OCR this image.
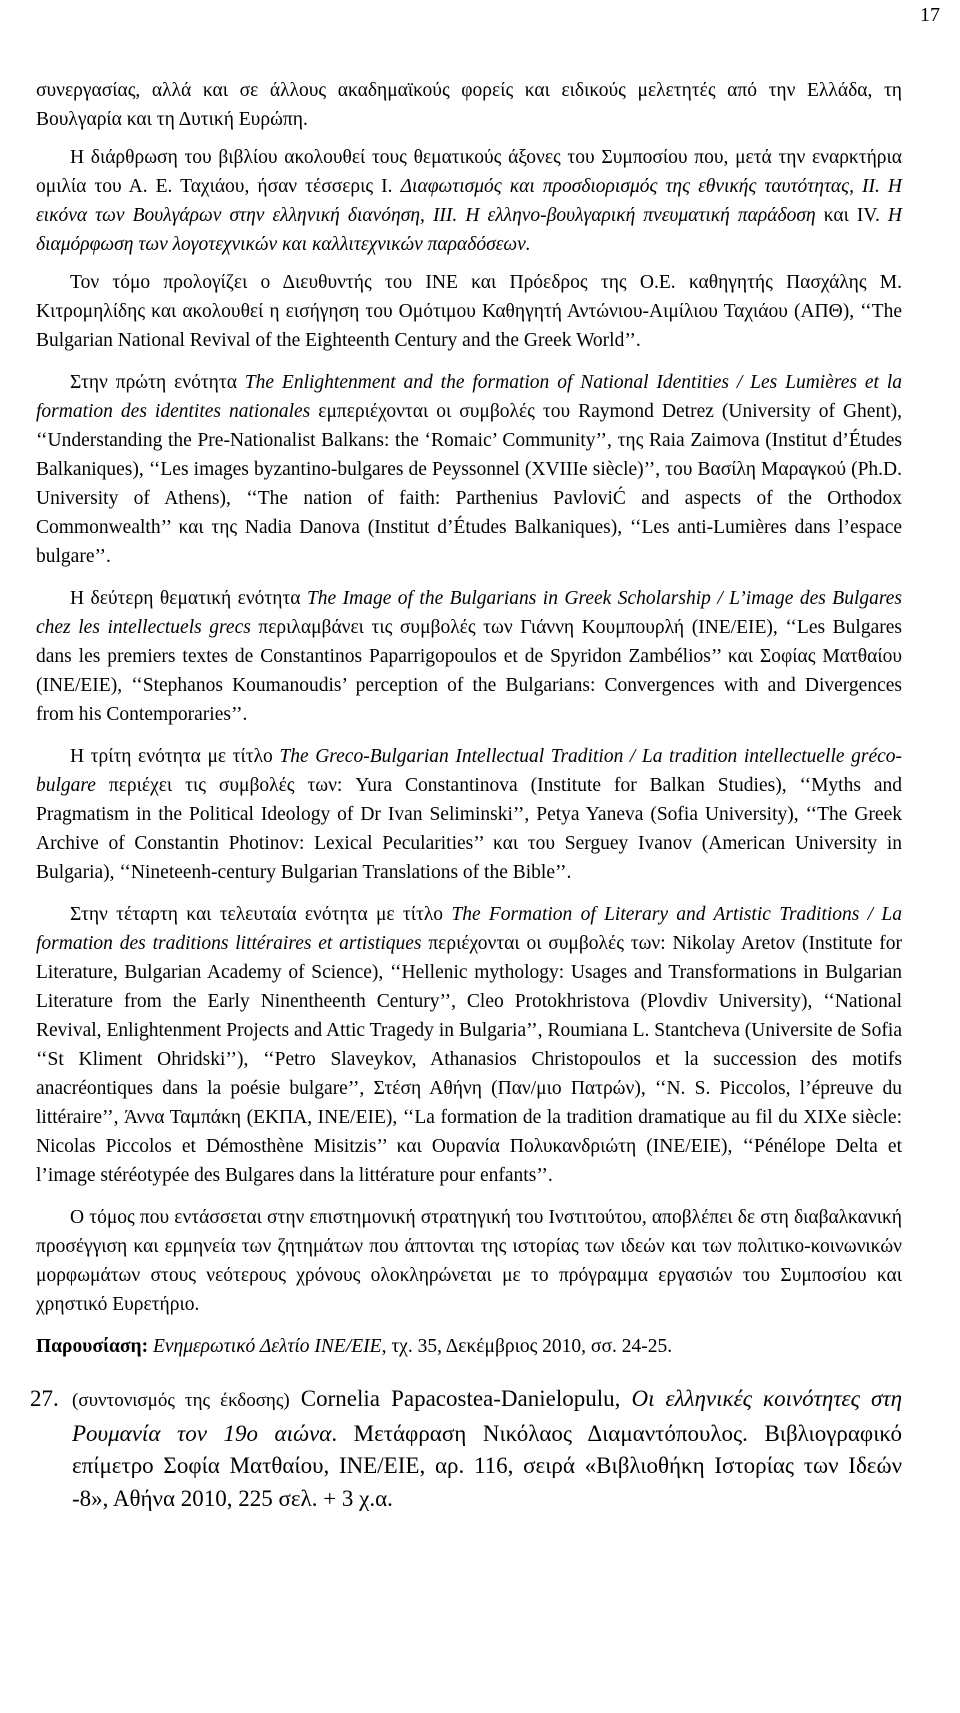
17

συνεργασίας, αλλά και σε άλλους ακαδημαϊκούς φορείς και ειδικούς μελετητές από την Ελλάδα, τη Βουλγαρία και τη Δυτική Ευρώπη.

Η διάρθρωση του βιβλίου ακολουθεί τους θεματικούς άξονες του Συμποσίου που, μετά την εναρκτήρια ομιλία του Α. Ε. Ταχιάου, ήσαν τέσσερις Ι. Διαφωτισμός και προσδιορισμός της εθνικής ταυτότητας, ΙΙ. Η εικόνα των Βουλγάρων στην ελληνική διανόηση, ΙΙΙ. Η ελληνο-βουλγαρική πνευματική παράδοση και IV. Η διαμόρφωση των λογοτεχνικών και καλλιτεχνικών παραδόσεων.

Τον τόμο προλογίζει ο Διευθυντής του ΙΝΕ και Πρόεδρος της Ο.Ε. καθηγητής Πασχάλης Μ. Κιτρομηλίδης και ακολουθεί η εισήγηση του Ομότιμου Καθηγητή Αντώνιου-Αιμίλιου Ταχιάου (ΑΠΘ), ‘‘The Bulgarian National Revival of the Eighteenth Century and the Greek World’’.

Στην πρώτη ενότητα The Enlightenment and the formation of National Identities / Les Lumières et la formation des identites nationales εμπεριέχονται οι συμβολές του Raymond Detrez (University of Ghent), ‘‘Understanding the Pre-Nationalist Balkans: the ‘Romaic’ Community’’, της Raia Zaimova (Institut d’Études Balkaniques), ‘‘Les images byzantino-bulgares de Peyssonnel (XVIIIe siècle)’’, του Βασίλη Μαραγκού (Ph.D. University of Athens), ‘‘The nation of faith: Parthenius PavloviĆ and aspects of the Orthodox Commonwealth’’ και της Nadia Danova (Institut d’Études Balkaniques), ‘‘Les anti-Lumières dans l’espace bulgare’’.

Η δεύτερη θεματική ενότητα The Image of the Bulgarians in Greek Scholarship / L’image des Bulgares chez les intellectuels grecs περιλαμβάνει τις συμβολές των Γιάννη Κουμπουρλή (ΙΝΕ/ΕΙΕ), ‘‘Les Bulgares dans les premiers textes de Constantinos Paparrigopoulos et de Spyridon Zambélios’’ και Σοφίας Ματθαίου (ΙΝΕ/ΕΙΕ), ‘‘Stephanos Koumanoudis’ perception of the Bulgarians: Convergences with and Divergences from his Contemporaries’’.

Η τρίτη ενότητα με τίτλο The Greco-Bulgarian Intellectual Tradition / La tradition intellectuelle gréco-bulgare περιέχει τις συμβολές των: Yura Constantinova (Institute for Balkan Studies), ‘‘Myths and Pragmatism in the Political Ideology of Dr Ivan Seliminski’’, Petya Yaneva (Sofia University), ‘‘The Greek Archive of Constantin Photinov: Lexical Pecularities’’ και του Serguey Ivanov (American University in Bulgaria), ‘‘Nineteenh-century Bulgarian Translations of the Bible’’.

Στην τέταρτη και τελευταία ενότητα με τίτλο The Formation of Literary and Artistic Traditions / La formation des traditions littéraires et artistiques περιέχονται οι συμβολές των: Nikolay Aretov (Institute for Literature, Bulgarian Academy of Science), ‘‘Hellenic mythology: Usages and Transformations in Bulgarian Literature from the Early Ninentheenth Century’’, Cleo Protokhristova (Plovdiv University), ‘‘National Revival, Enlightenment Projects and Attic Tragedy in Bulgaria’’, Roumiana L. Stantcheva (Universite de Sofia ‘‘St Kliment Ohridski’’), ‘‘Petro Slaveykov, Athanasios Christopoulos et la succession des motifs anacréontiques dans la poésie bulgare’’, Στέση Αθήνη (Παν/μιο Πατρών), ‘‘N. S. Piccolos, l’épreuve du littéraire’’, Άννα Ταμπάκη (ΕΚΠΑ, ΙΝΕ/ΕΙΕ), ‘‘La formation de la tradition dramatique au fil du XIXe siècle: Nicolas Piccolos et Démosthène Misitzis’’ και Ουρανία Πολυκανδριώτη (ΙΝΕ/ΕΙΕ), ‘‘Pénélope Delta et l’image stéréotypée des Bulgares dans la littérature pour enfants’’.

Ο τόμος που εντάσσεται στην επιστημονική στρατηγική του Ινστιτούτου, αποβλέπει δε στη διαβαλκανική προσέγγιση και ερμηνεία των ζητημάτων που άπτονται της ιστορίας των ιδεών και των πολιτικο-κοινωνικών μορφωμάτων στους νεότερους χρόνους ολοκληρώνεται με το πρόγραμμα εργασιών του Συμποσίου και χρηστικό Ευρετήριο.

Παρουσίαση: Ενημερωτικό Δελτίο ΙΝΕ/ΕΙΕ, τχ. 35, Δεκέμβριος 2010, σσ. 24-25.

27. (συντονισμός της έκδοσης) Cornelia Papacostea-Danielopulu, Οι ελληνικές κοινότητες στη Ρουμανία τον 19ο αιώνα. Μετάφραση Νικόλαος Διαμαντόπουλος. Βιβλιογραφικό επίμετρο Σοφία Ματθαίου, ΙΝΕ/ΕΙΕ, αρ. 116, σειρά «Βιβλιοθήκη Ιστορίας των Ιδεών -8», Αθήνα 2010, 225 σελ. + 3 χ.α.
